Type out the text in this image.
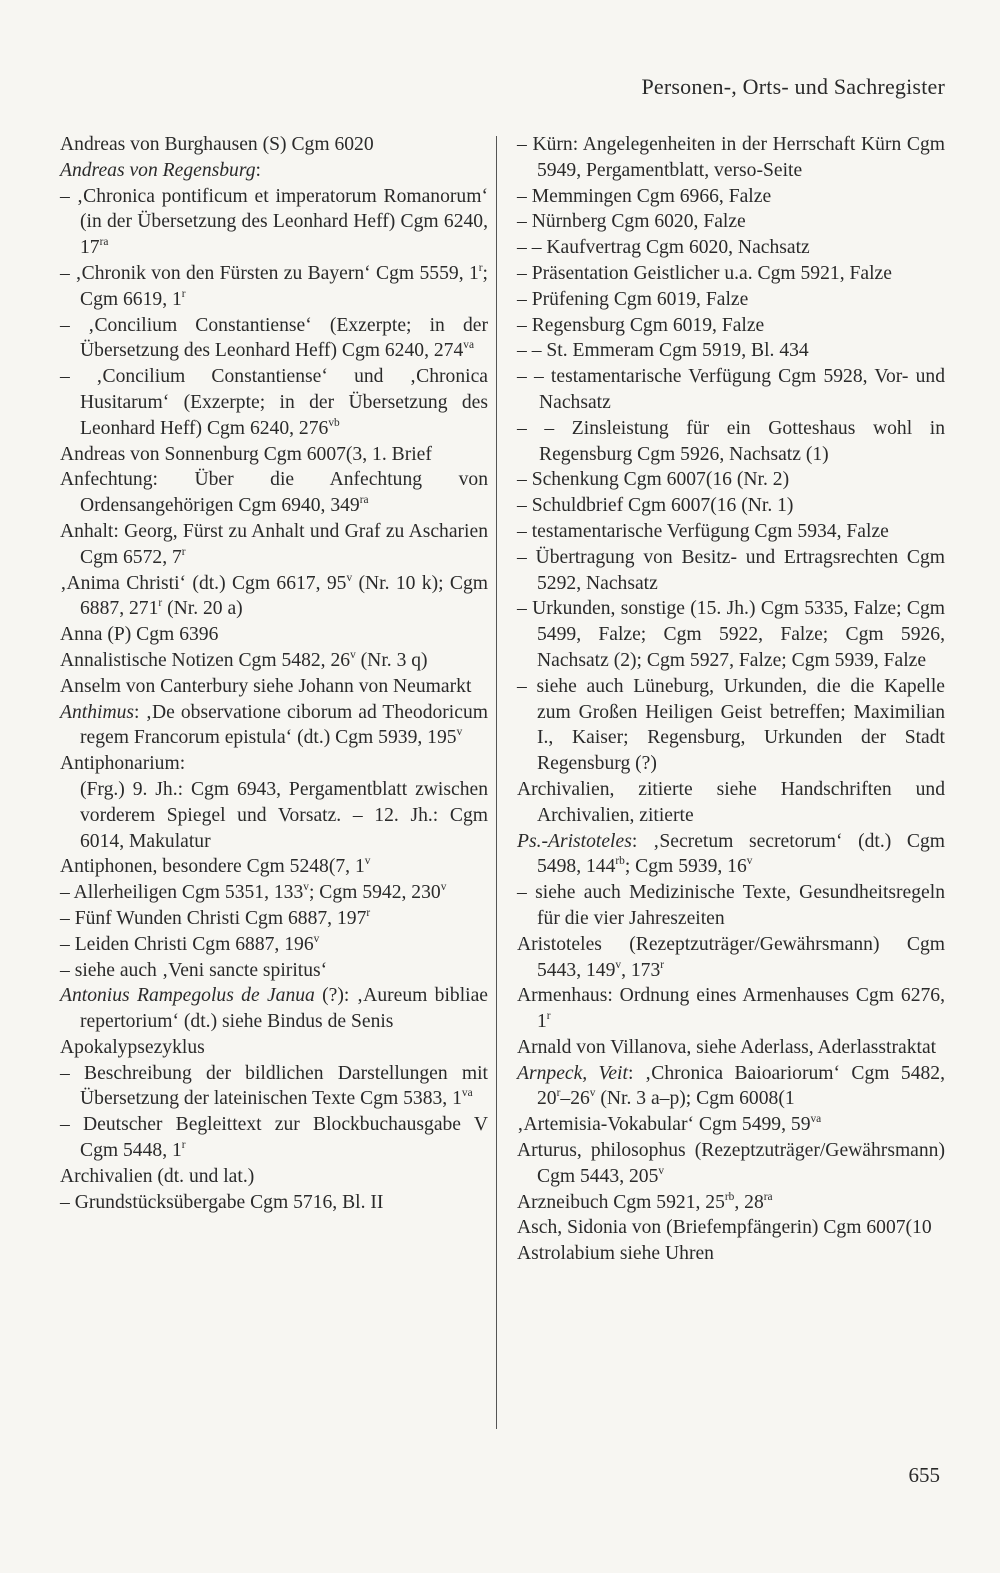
Personen-, Orts- und Sachregister

Andreas von Burghausen (S) Cgm 6020

Andreas von Regensburg:

– ‚Chronica pontificum et imperatorum Romanorum‘ (in der Übersetzung des Leonhard Heff) Cgm 6240, $17^{ra}$

– ‚Chronik von den Fürsten zu Bayern‘ Cgm 5559, 1$^r$; Cgm 6619, 1$^r$

– ‚Concilium Constantiense‘ (Exzerpte; in der Übersetzung des Leonhard Heff) Cgm 6240, $274^{va}$

– ‚Concilium Constantiense‘ und ‚Chronica Husitarum‘ (Exzerpte; in der Übersetzung des Leonhard Heff) Cgm 6240, $276^{vb}$

Andreas von Sonnenburg Cgm 6007(3, 1. Brief

Anfechtung: Über die Anfechtung von Ordensangehörigen Cgm 6940, $349^{ra}$

Anhalt: Georg, Fürst zu Anhalt und Graf zu Ascharien Cgm 6572, 7$^r$

‚Anima Christi‘ (dt.) Cgm 6617, 95$^v$ (Nr. 10 k); Cgm 6887, 271$^r$ (Nr. 20 a)

Anna (P) Cgm 6396

Annalistische Notizen Cgm 5482, 26$^v$ (Nr. 3 q)

Anselm von Canterbury siehe Johann von Neumarkt

Anthimus: ‚De observatione ciborum ad Theodoricum regem Francorum epistula‘ (dt.) Cgm 5939, 195$^v$

Antiphonarium:

(Frg.) 9. Jh.: Cgm 6943, Pergamentblatt zwischen vorderem Spiegel und Vorsatz. – 12. Jh.: Cgm 6014, Makulatur

Antiphonen, besondere Cgm 5248(7, 1$^v$

– Allerheiligen Cgm 5351, 133$^v$; Cgm 5942, 230$^v$

– Fünf Wunden Christi Cgm 6887, 197$^r$

– Leiden Christi Cgm 6887, 196$^v$

– siehe auch ‚Veni sancte spiritus‘

Antonius Rampegolus de Janua (?): ‚Aureum bibliae repertorium‘ (dt.) siehe Bindus de Senis

Apokalypsezyklus

– Beschreibung der bildlichen Darstellungen mit Übersetzung der lateinischen Texte Cgm 5383, $1^{va}$

– Deutscher Begleittext zur Blockbuchausgabe V Cgm 5448, 1$^r$

Archivalien (dt. und lat.)

– Grundstücksübergabe Cgm 5716, Bl. II

– Kürn: Angelegenheiten in der Herrschaft Kürn Cgm 5949, Pergamentblatt, verso-Seite

– Memmingen Cgm 6966, Falze

– Nürnberg Cgm 6020, Falze

– – Kaufvertrag Cgm 6020, Nachsatz

– Präsentation Geistlicher u.a. Cgm 5921, Falze

– Prüfening Cgm 6019, Falze

– Regensburg Cgm 6019, Falze

– – St. Emmeram Cgm 5919, Bl. 434

– – testamentarische Verfügung Cgm 5928, Vor- und Nachsatz

– – Zinsleistung für ein Gotteshaus wohl in Regensburg Cgm 5926, Nachsatz (1)

– Schenkung Cgm 6007(16 (Nr. 2)

– Schuldbrief Cgm 6007(16 (Nr. 1)

– testamentarische Verfügung Cgm 5934, Falze

– Übertragung von Besitz- und Ertragsrechten Cgm 5292, Nachsatz

– Urkunden, sonstige (15. Jh.) Cgm 5335, Falze; Cgm 5499, Falze; Cgm 5922, Falze; Cgm 5926, Nachsatz (2); Cgm 5927, Falze; Cgm 5939, Falze

– siehe auch Lüneburg, Urkunden, die die Kapelle zum Großen Heiligen Geist betreffen; Maximilian I., Kaiser; Regensburg, Urkunden der Stadt Regensburg (?)

Archivalien, zitierte siehe Handschriften und Archivalien, zitierte

Ps.-Aristoteles: ‚Secretum secretorum‘ (dt.) Cgm 5498, $144^{rb}$; Cgm 5939, 16$^v$

– siehe auch Medizinische Texte, Gesundheitsregeln für die vier Jahreszeiten

Aristoteles (Rezeptzuträger/Gewährsmann) Cgm 5443, 149$^v$, 173$^r$

Armenhaus: Ordnung eines Armenhauses Cgm 6276, 1$^r$

Arnald von Villanova, siehe Aderlass, Aderlasstraktat

Arnpeck, Veit: ‚Chronica Baioariorum‘ Cgm 5482, 20$^r$–26$^v$ (Nr. 3 a–p); Cgm 6008(1

‚Artemisia-Vokabular‘ Cgm 5499, $59^{va}$

Arturus, philosophus (Rezeptzuträger/Gewährsmann) Cgm 5443, 205$^v$

Arzneibuch Cgm 5921, $25^{rb}$, $28^{ra}$

Asch, Sidonia von (Briefempfängerin) Cgm 6007(10

Astrolabium siehe Uhren

655
